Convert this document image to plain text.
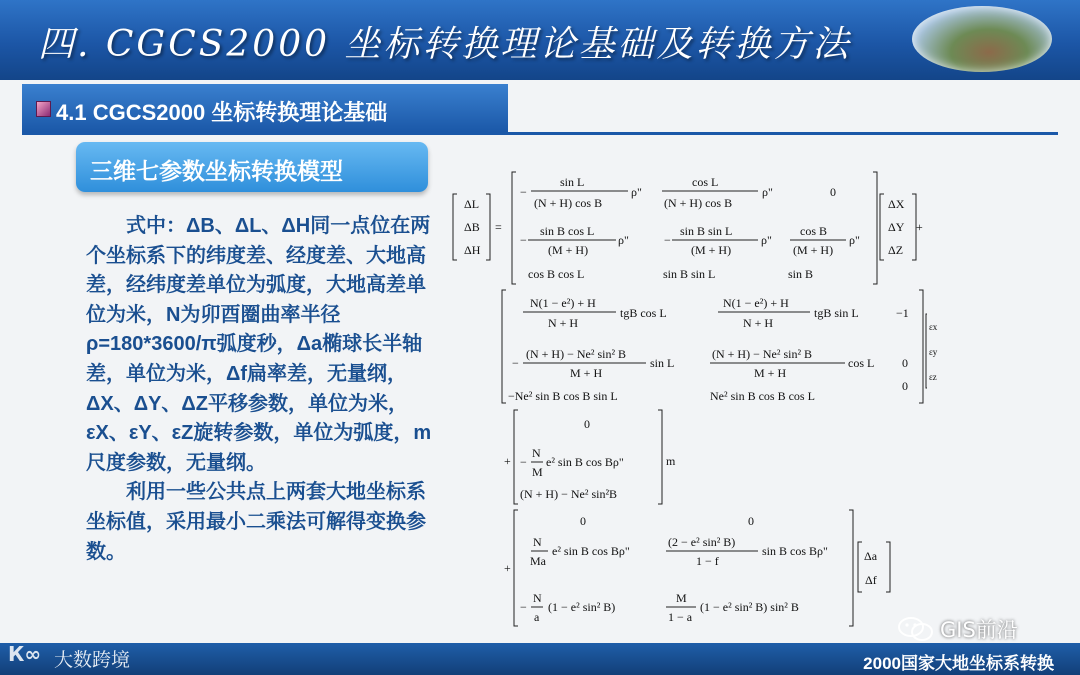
四. CGCS2000 坐标转换理论基础及转换方法
4.1 CGCS2000 坐标转换理论基础
三维七参数坐标转换模型

式中：ΔB、ΔL、ΔH同一点位在两个坐标系下的纬度差、经度差、大地高差，经纬度差单位为弧度，大地高差单位为米，N为卯酉圈曲率半径ρ=180*3600/π弧度秒，Δa椭球长半轴差，单位为米，Δf扁率差，无量纲，ΔX、ΔY、ΔZ平移参数，单位为米，εX、εY、εZ旋转参数，单位为弧度，m尺度参数，无量纲。

利用一些公共点上两套大地坐标系坐标值，采用最小二乘法可解得变换参数。

ΔL
ΔB
ΔH
=
−
sin L
(N + H) cos B
ρ"
cos L
(N + H) cos B
ρ"	0
−
sin B cos L
(M + H)
ρ"	−
sin B sin L
(M + H)
ρ"
cos B
(M + H)
ρ"
cos B cos L	sin B sin L	sin B
ΔX
ΔY
ΔZ
+
N(1 − e²) + H
N + H
tgB cos L
N(1 − e²) + H
N + H
tgB sin L	−1
−
(N + H) − Ne² sin² B
M + H
sin L
(N + H) − Ne² sin² B
M + H
cos L 0
−Ne² sin B cos B sin L	Ne² sin B cos B cos L
0
εx
εy
εz
+
0
−
N
M
e² sin B cos Bρ"
(N + H) − Ne² sin²B
m
+
0	0
N
Ma
e² sin B cos Bρ"
(2 − e² sin² B)
1 − f
sin B cos Bρ"
−
N
a
(1 − e² sin² B)
M
1 − a
(1 − e² sin² B) sin² B
Δa
Δf
2000国家大地坐标系转换
К∞ 大数跨境
GIS前沿
